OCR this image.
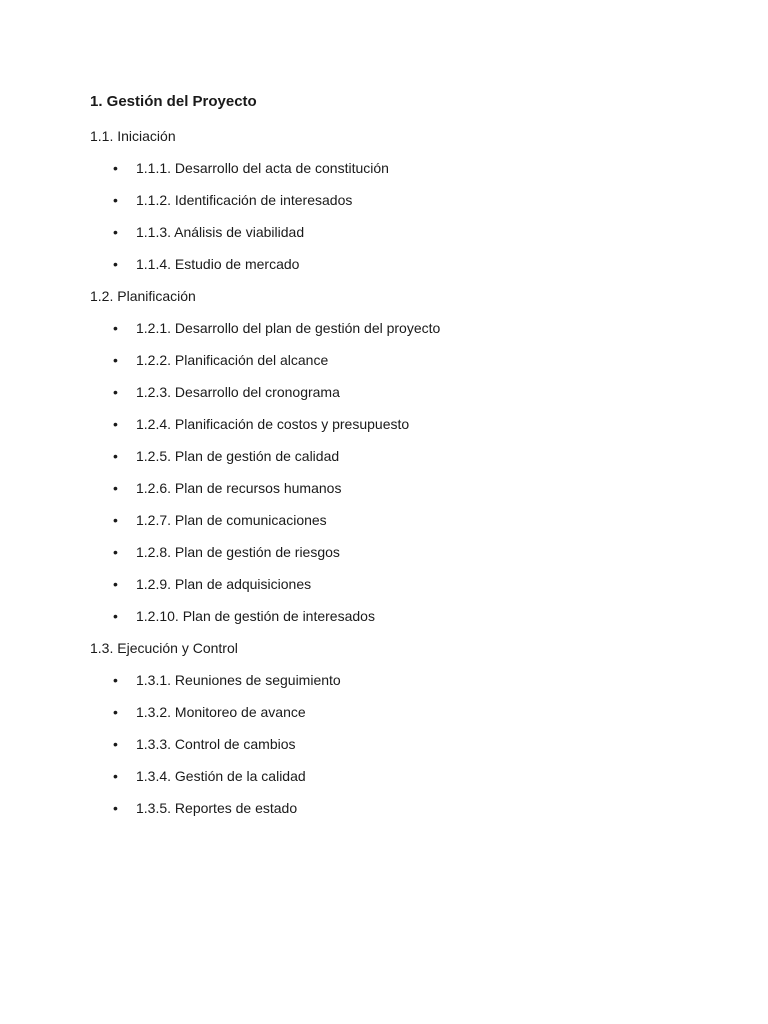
1. Gestión del Proyecto
1.1. Iniciación
• 1.1.1. Desarrollo del acta de constitución
• 1.1.2. Identificación de interesados
• 1.1.3. Análisis de viabilidad
• 1.1.4. Estudio de mercado
1.2. Planificación
• 1.2.1. Desarrollo del plan de gestión del proyecto
• 1.2.2. Planificación del alcance
• 1.2.3. Desarrollo del cronograma
• 1.2.4. Planificación de costos y presupuesto
• 1.2.5. Plan de gestión de calidad
• 1.2.6. Plan de recursos humanos
• 1.2.7. Plan de comunicaciones
• 1.2.8. Plan de gestión de riesgos
• 1.2.9. Plan de adquisiciones
• 1.2.10. Plan de gestión de interesados
1.3. Ejecución y Control
• 1.3.1. Reuniones de seguimiento
• 1.3.2. Monitoreo de avance
• 1.3.3. Control de cambios
• 1.3.4. Gestión de la calidad
• 1.3.5. Reportes de estado
